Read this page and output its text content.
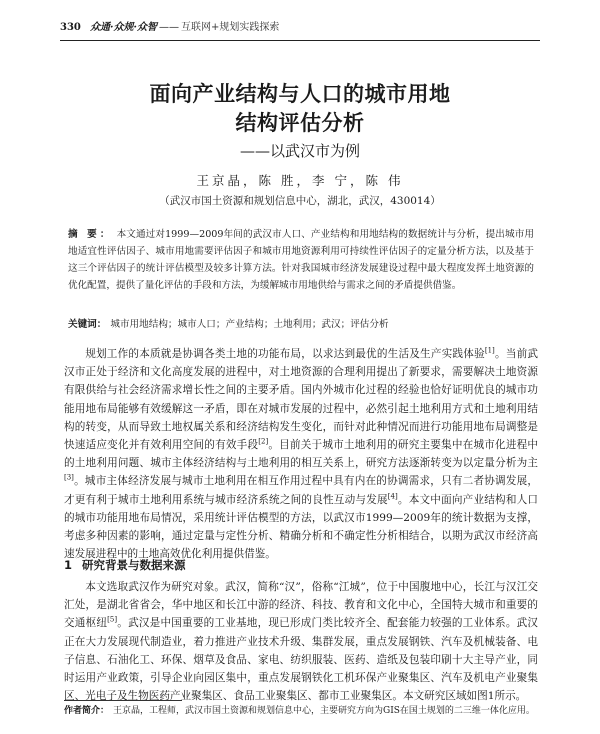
330 众通·众规·众智 —— 互联网+规划实践探索
面向产业结构与人口的城市用地
结构评估分析
——以武汉市为例
王京晶，陈 胜，李 宁，陈 伟
（武汉市国土资源和规划信息中心，湖北，武汉，430014）
摘 要： 本文通过对1999—2009年间的武汉市人口、产业结构和用地结构的数据统计与分析，提出城市用地适宜性评估因子、城市用地需要评估因子和城市用地资源利用可持续性评估因子的定量分析方法，以及基于这三个评估因子的统计评估模型及较多计算方法。针对我国城市经济发展建设过程中最大程度发挥土地资源的优化配置，提供了量化评估的手段和方法，为缓解城市用地供给与需求之间的矛盾提供借鉴。
关键词： 城市用地结构；城市人口；产业结构；土地利用；武汉；评估分析

规划工作的本质就是协调各类土地的功能布局，以求达到最优的生活及生产实践体验[1]。当前武汉市正处于经济和文化高度发展的进程中，对土地资源的合理利用提出了新要求，需要解决土地资源有限供给与社会经济需求增长性之间的主要矛盾。国内外城市化过程的经验也恰好证明优良的城市功能用地布局能够有效缓解这一矛盾，即在对城市发展的过程中，必然引起土地利用方式和土地利用结构的转变，从而导致土地权属关系和经济结构发生变化，而针对此种情况而进行功能用地布局调整是快速适应变化并有效利用空间的有效手段[2]。目前关于城市土地利用的研究主要集中在城市化进程中的土地利用问题、城市主体经济结构与土地利用的相互关系上，研究方法逐渐转变为以定量分析为主[3]。城市主体经济发展与城市土地利用在相互作用过程中具有内在的协调需求，只有二者协调发展，才更有利于城市土地利用系统与城市经济系统之间的良性互动与发展[4]。本文中面向产业结构和人口的城市功能用地布局情况，采用统计评估模型的方法，以武汉市1999—2009年的统计数据为支撑，考虑多种因素的影响，通过定量与定性分析、精确分析和不确定性分析相结合，以期为武汉市经济高速发展进程中的土地高效优化利用提供借鉴。

1 研究背景与数据来源

本文选取武汉作为研究对象。武汉，简称“汉”，俗称“江城”，位于中国腹地中心，长江与汉江交汇处，是湖北省省会，华中地区和长江中游的经济、科技、教育和文化中心，全国特大城市和重要的交通枢纽[5]。武汉是中国重要的工业基地，现已形成门类比较齐全、配套能力较强的工业体系。武汉正在大力发展现代制造业，着力推进产业技术升级、集群发展，重点发展钢铁、汽车及机械装备、电子信息、石油化工、环保、烟草及食品、家电、纺织服装、医药、造纸及包装印刷十大主导产业，同时运用产业政策，引导企业向园区集中，重点发展钢铁化工机环保产业聚集区、汽车及机电产业聚集区、光电子及生物医药产业聚集区、食品工业聚集区、都市工业聚集区。本文研究区域如图1所示。

作者简介： 王京晶，工程师，武汉市国土资源和规划信息中心，主要研究方向为GIS在国土规划的二三维一体化应用。
